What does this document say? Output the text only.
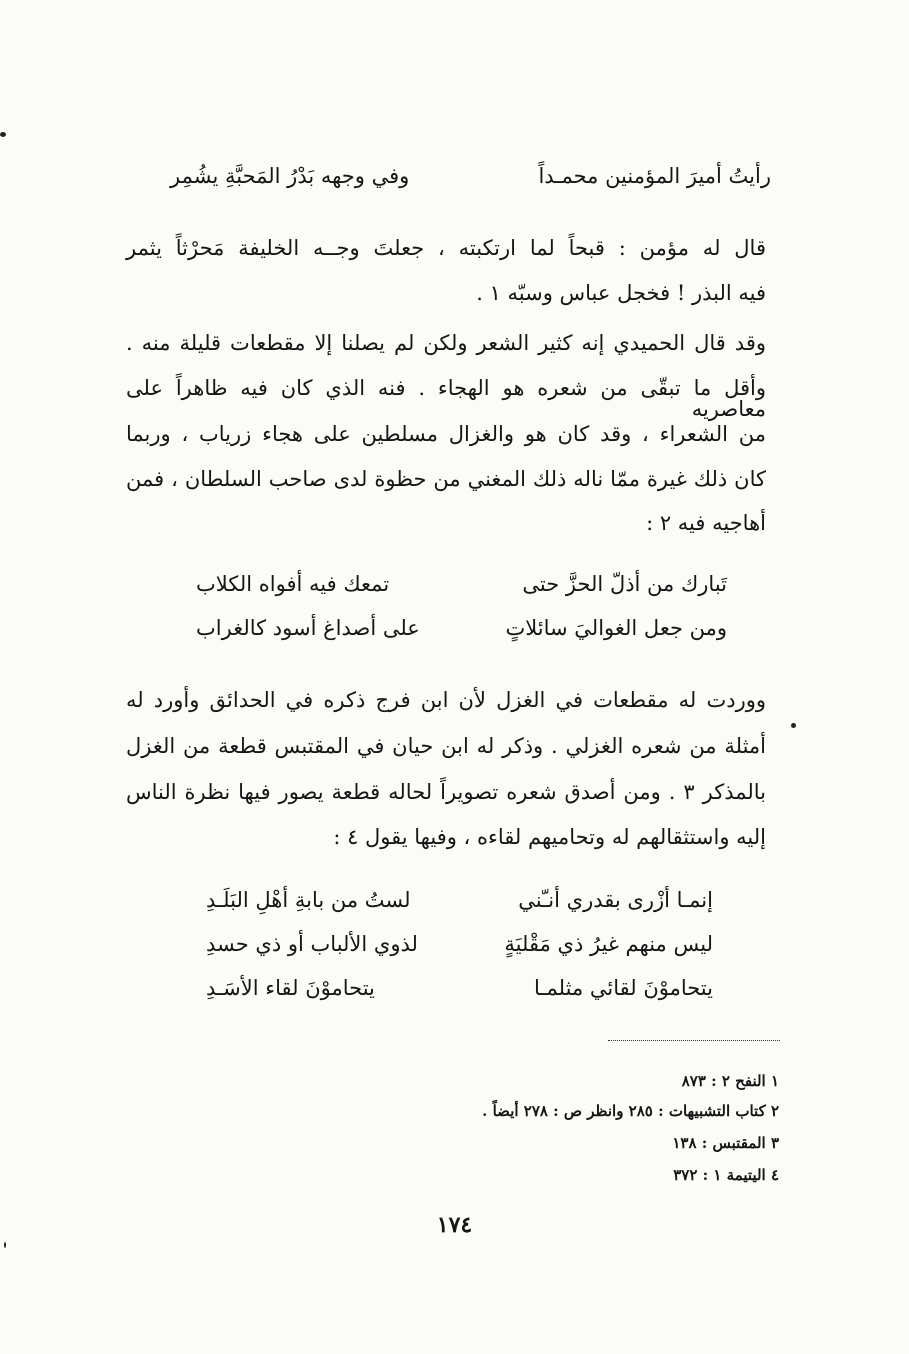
رأيتُ أميرَ المؤمنين محمـداً
وفي وجهه بَدْرُ المَحبَّةِ يشُمِر
قال له مؤمن : قبحاً لما ارتكبته ، جعلتَ وجــه الخليفة مَحرْثاً يثمر
فيه البذر ! فخجل عباس وسبّه ١ .
وقد قال الحميدي إنه كثير الشعر ولكن لم يصلنا إلا مقطعات قليلة منه .
وأقل ما تبقّى من شعره هو الهجاء . فنه الذي كان فيه ظاهراً على معاصريه
من الشعراء ، وقد كان هو والغزال مسلطين على هجاء زرياب ، وربما
كان ذلك غيرة ممّا ناله ذلك المغني من حظوة لدى صاحب السلطان ، فمن
أهاجيه فيه ٢ :
تَبارك من أذلّ الحزَّ حتى
تمعك فيه أفواه الكلاب
ومن جعل الغواليَ سائلاتٍ
على أصداغ أسود كالغراب
ووردت له مقطعات في الغزل لأن ابن فرج ذكره في الحدائق وأورد له
أمثلة من شعره الغزلي . وذكر له ابن حيان في المقتبس قطعة من الغزل
بالمذكر ٣ . ومن أصدق شعره تصويراً لحاله قطعة يصور فيها نظرة الناس
إليه واستثقالهم له وتحاميهم لقاءه ، وفيها يقول ٤ :
إنمـا أزْرى بقدري أنـّني
لستُ من بابةِ أهْلِ البَلَـدِ
ليس منهم غيرُ ذي مَقْليَةٍ
لذوي الألباب أو ذي حسدِ
يتحاموْنَ لقائي مثلمـا
يتحاموْنَ لقاء الأسَـدِ
١ النفح ٢ : ٨٧٣
٢ كتاب التشبيهات : ٢٨٥ وانظر ص : ٢٧٨ أيضاً .
٣ المقتبس : ١٣٨
٤ اليتيمة ١ : ٣٧٢
١٧٤
